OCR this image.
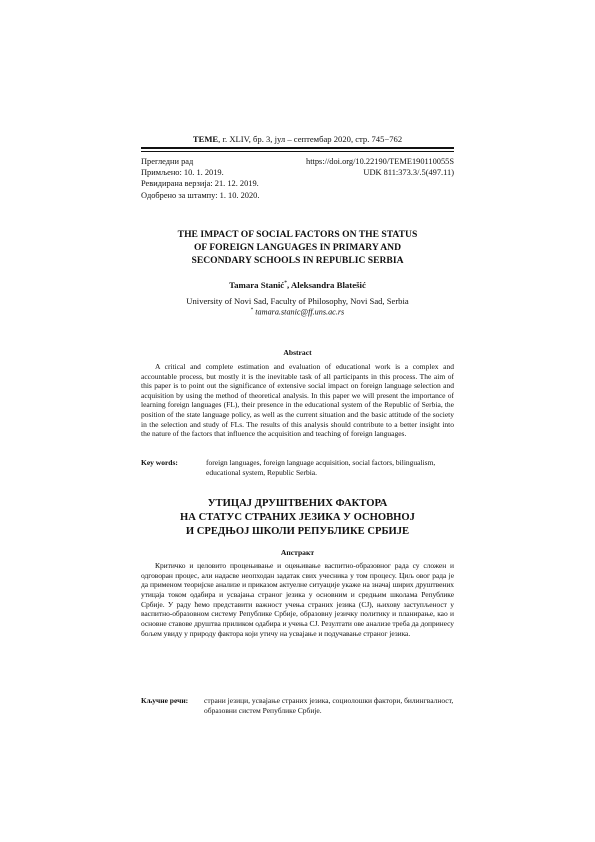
TEME, г. XLIV, бр. 3, јул – септембар 2020, стр. 745−762
Прегледни рад	https://doi.org/10.22190/TEME190110055S
Примљено: 10. 1. 2019.	UDK 811:373.3/.5(497.11)
Ревидирана верзија: 21. 12. 2019.
Одобрено за штампу: 1. 10. 2020.
THE IMPACT OF SOCIAL FACTORS ON THE STATUS
OF FOREIGN LANGUAGES IN PRIMARY AND
SECONDARY SCHOOLS IN REPUBLIC SERBIA
Tamara Stanić*, Aleksandra Blatešić
University of Novi Sad, Faculty of Philosophy, Novi Sad, Serbia
* tamara.stanic@ff.uns.ac.rs
Abstract
A critical and complete estimation and evaluation of educational work is a complex and accountable process, but mostly it is the inevitable task of all participants in this process. The aim of this paper is to point out the significance of extensive social impact on foreign language selection and acquisition by using the method of theoretical analysis. In this paper we will present the importance of learning foreign languages (FL), their presence in the educational system of the Republic of Serbia, the position of the state language policy, as well as the current situation and the basic attitude of the society in the selection and study of FLs. The results of this analysis should contribute to a better insight into the nature of the factors that influence the acquisition and teaching of foreign languages.
Key words:	foreign languages, foreign language acquisition, social factors, bilingualism, educational system, Republic Serbia.
УТИЦАЈ ДРУШТВЕНИХ ФАКТОРА
НА СТАТУС СТРАНИХ ЈЕЗИКА У ОСНОВНОЈ
И СРЕДЊОЈ ШКОЛИ РЕПУБЛИКЕ СРБИЈЕ
Апстракт
Критичко и целовито процењивање и оцењивање васпитно-образовног рада су сложен и одговоран процес, али надасве неопходан задатак свих учесника у том процесу. Циљ овог рада је да применом теоријске анализе и приказом актуелне ситуације укаже на значај ширих друштвених утицаја током одабира и усвајања страног језика у основним и средњим школама Републике Србије. У раду ћемо представити важност учења страних језика (СЈ), њихову заступљеност у васпитно-образовном систему Републике Србије, образовну језичку политику и планирање, као и основне ставове друштва приликом одабира и учења СЈ. Резултати ове анализе треба да допринесу бољем увиду у природу фактора који утичу на усвајање и подучавање страног језика.
Кључне речи:	страни језици, усвајање страних језика, социолошки фактори, билингвалност, образовни систем Републике Србије.
